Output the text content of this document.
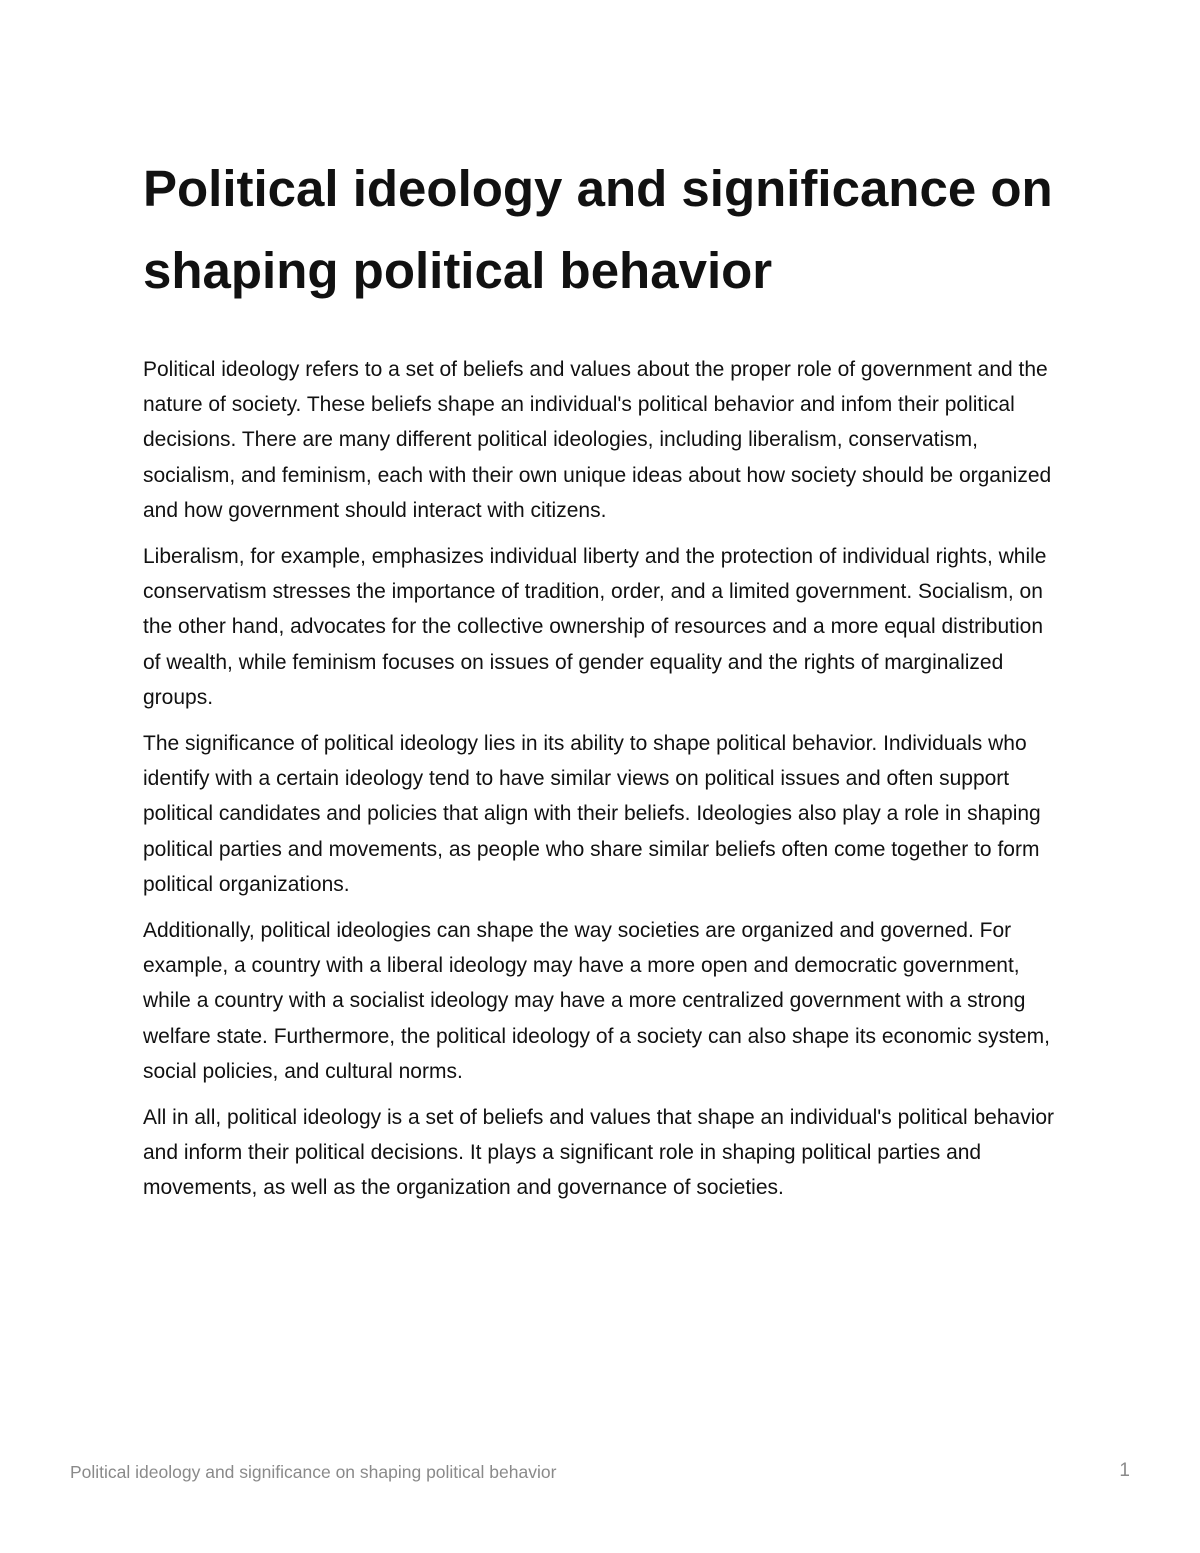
Political ideology and significance on shaping political behavior

Political ideology refers to a set of beliefs and values about the proper role of government and the nature of society. These beliefs shape an individual's political behavior and infom their political decisions. There are many different political ideologies, including liberalism, conservatism, socialism, and feminism, each with their own unique ideas about how society should be organized and how government should interact with citizens.

Liberalism, for example, emphasizes individual liberty and the protection of individual rights, while conservatism stresses the importance of tradition, order, and a limited government. Socialism, on the other hand, advocates for the collective ownership of resources and a more equal distribution of wealth, while feminism focuses on issues of gender equality and the rights of marginalized groups.

The significance of political ideology lies in its ability to shape political behavior. Individuals who identify with a certain ideology tend to have similar views on political issues and often support political candidates and policies that align with their beliefs. Ideologies also play a role in shaping political parties and movements, as people who share similar beliefs often come together to form political organizations.

Additionally, political ideologies can shape the way societies are organized and governed. For example, a country with a liberal ideology may have a more open and democratic government, while a country with a socialist ideology may have a more centralized government with a strong welfare state. Furthermore, the political ideology of a society can also shape its economic system, social policies, and cultural norms.

All in all, political ideology is a set of beliefs and values that shape an individual's political behavior and inform their political decisions. It plays a significant role in shaping political parties and movements, as well as the organization and governance of societies.

Political ideology and significance on shaping political behavior	1
